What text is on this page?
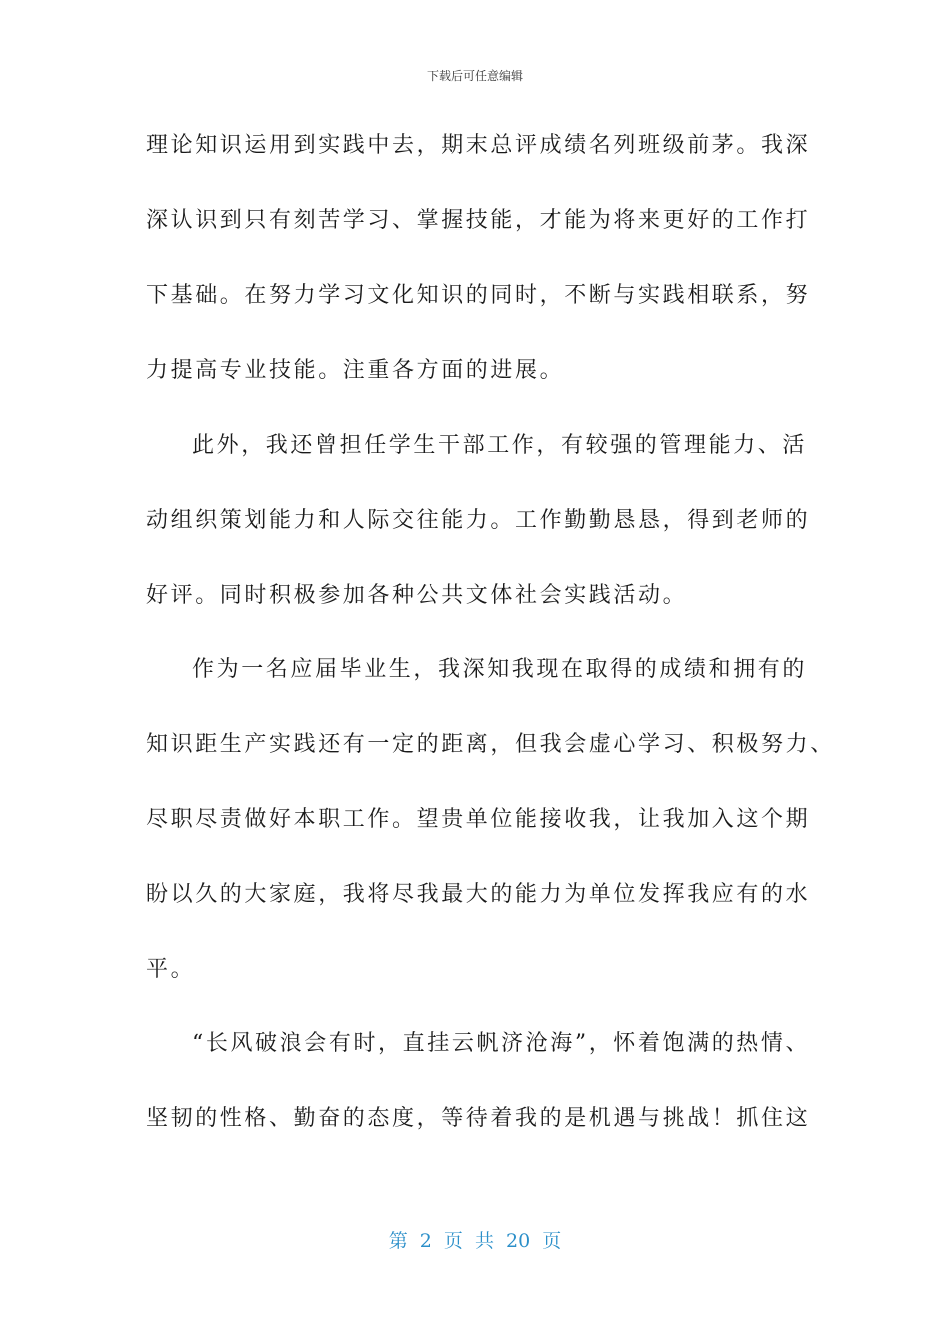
下载后可任意编辑
理论知识运用到实践中去，期末总评成绩名列班级前茅。我深
深认识到只有刻苦学习、掌握技能，才能为将来更好的工作打
下基础。在努力学习文化知识的同时，不断与实践相联系，努
力提高专业技能。注重各方面的进展。
此外，我还曾担任学生干部工作，有较强的管理能力、活
动组织策划能力和人际交往能力。工作勤勤恳恳，得到老师的
好评。同时积极参加各种公共文体社会实践活动。
作为一名应届毕业生，我深知我现在取得的成绩和拥有的
知识距生产实践还有一定的距离，但我会虚心学习、积极努力、
尽职尽责做好本职工作。望贵单位能接收我，让我加入这个期
盼以久的大家庭，我将尽我最大的能力为单位发挥我应有的水
平。
“长风破浪会有时，直挂云帆济沧海”，怀着饱满的热情、
坚韧的性格、勤奋的态度，等待着我的是机遇与挑战！抓住这
第 2 页 共 20 页
